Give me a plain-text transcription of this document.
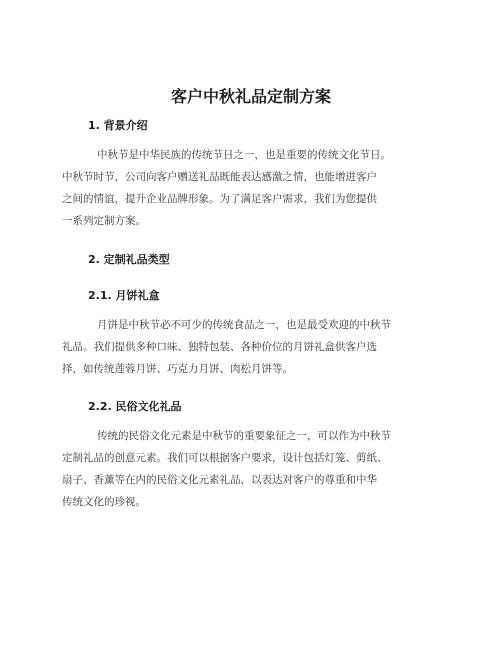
客户中秋礼品定制方案
1. 背景介绍
中秋节是中华民族的传统节日之一，也是重要的传统文化节日。
中秋节时节，公司向客户赠送礼品既能表达感激之情，也能增进客户
之间的情谊，提升企业品牌形象。为了满足客户需求，我们为您提供
一系列定制方案。
2. 定制礼品类型
2.1. 月饼礼盒
月饼是中秋节必不可少的传统食品之一，也是最受欢迎的中秋节
礼品。我们提供多种口味、独特包装、各种价位的月饼礼盒供客户选
择，如传统莲蓉月饼、巧克力月饼、肉松月饼等。
2.2. 民俗文化礼品
传统的民俗文化元素是中秋节的重要象征之一，可以作为中秋节
定制礼品的创意元素。我们可以根据客户要求，设计包括灯笼、剪纸、
扇子、香薰等在内的民俗文化元素礼品，以表达对客户的尊重和中华
传统文化的珍视。
